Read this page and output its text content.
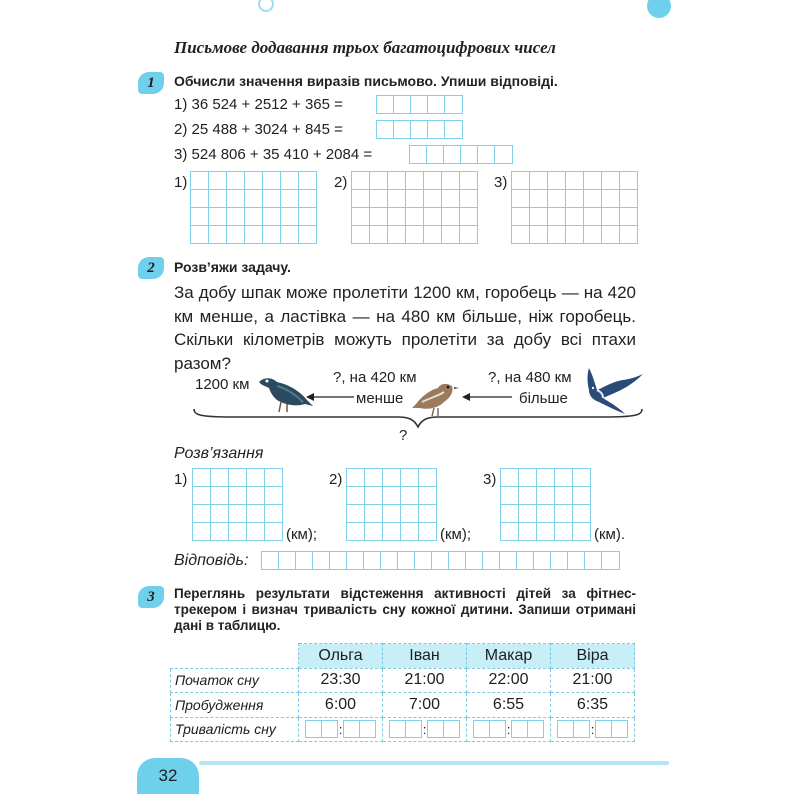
Письмове додавання трьох багатоцифрових чисел
1	Обчисли значення виразів письмово. Упиши відповіді.
1) 36 524 + 2512 + 365 =
2) 25 488 + 3024 + 845 =
3) 524 806 + 35 410 + 2084 =
1)	2)	3)
2	Розв’яжи задачу.
За добу шпак може пролетіти 1200 км, горобець — на 420 км менше, а ластівка — на 480 км більше, ніж горобець. Скільки кілометрів можуть пролетіти за добу всі птахи разом?
1200 км	?, на 420 км
менше
?, на 480 км
більше
?
Розв’язання
1)
(км);
2)
(км);
3)
(км).
Відповідь:
3	Переглянь результати відстеження активності дітей за фітнес-трекером і визнач тривалість сну кожної дитини. Запиши отримані дані в таблицю.
	Ольга	Іван	Макар	Віра
Початок сну	23:30	21:00	22:00	21:00
Пробудження	6:00	7:00	6:55	6:35
Тривалість сну	:	:	:	:
32
